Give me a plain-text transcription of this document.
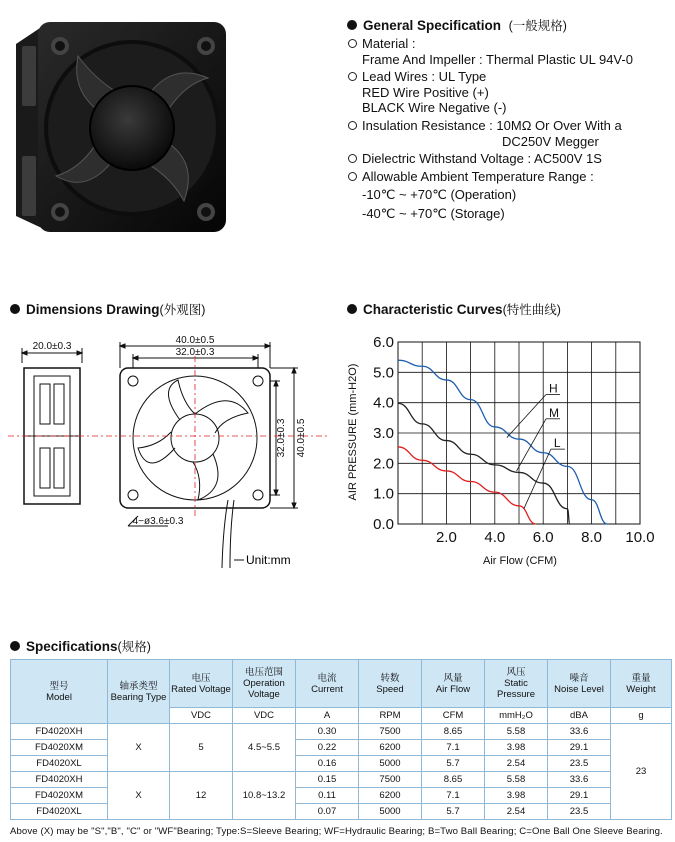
General Specification
(一般规格)
Material :
Frame And Impeller : Thermal Plastic UL 94V-0
Lead Wires : UL Type
RED Wire Positive (+)
BLACK Wire Negative (-)
Insulation Resistance : 10MΩ Or Over With a
DC250V Megger
Dielectric Withstand Voltage : AC500V 1S
Allowable Ambient Temperature Range :
-10℃ ~ +70℃ (Operation)
-40℃ ~ +70℃ (Storage)
Dimensions Drawing (外观图)
20.0±0.3
40.0±0.5
32.0±0.3
32.0±0.3 40.0±0.5
4−ø3.6±0.3
Unit:mm
Characteristic Curves (特性曲线)
2.0 4.0 6.0 8.0 10.0
0.0
1.0
2.0
3.0
4.0
5.0
6.0
H
M
L
Air Flow (CFM)
AIR PRESSURE (mm-H2O)
Specifications (规格)
型号
Model	轴承类型
Bearing Type	电压
Rated Voltage	电压范围
Operation Voltage	电流
Current	转数
Speed	风量
Air Flow	风压
Static Pressure	噪音
Noise Level	重量
Weight

		VDC	VDC	A	RPM	CFM	mmH₂O	dBA	g
FD4020XH	X	5	4.5~5.5	0.30	7500	8.65	5.58	33.6	23
FD4020XM				0.22	6200	7.1	3.98	29.1	
FD4020XL				0.16	5000	5.7	2.54	23.5	
FD4020XH	X	12	10.8~13.2	0.15	7500	8.65	5.58	33.6	
FD4020XM				0.11	6200	7.1	3.98	29.1	
FD4020XL				0.07	5000	5.7	2.54	23.5	
Above (X) may be "S","B", "C" or "WF"Bearing; Type:S=Sleeve Bearing; WF=Hydraulic Bearing; B=Two Ball Bearing; C=One Ball One Sleeve Bearing.
